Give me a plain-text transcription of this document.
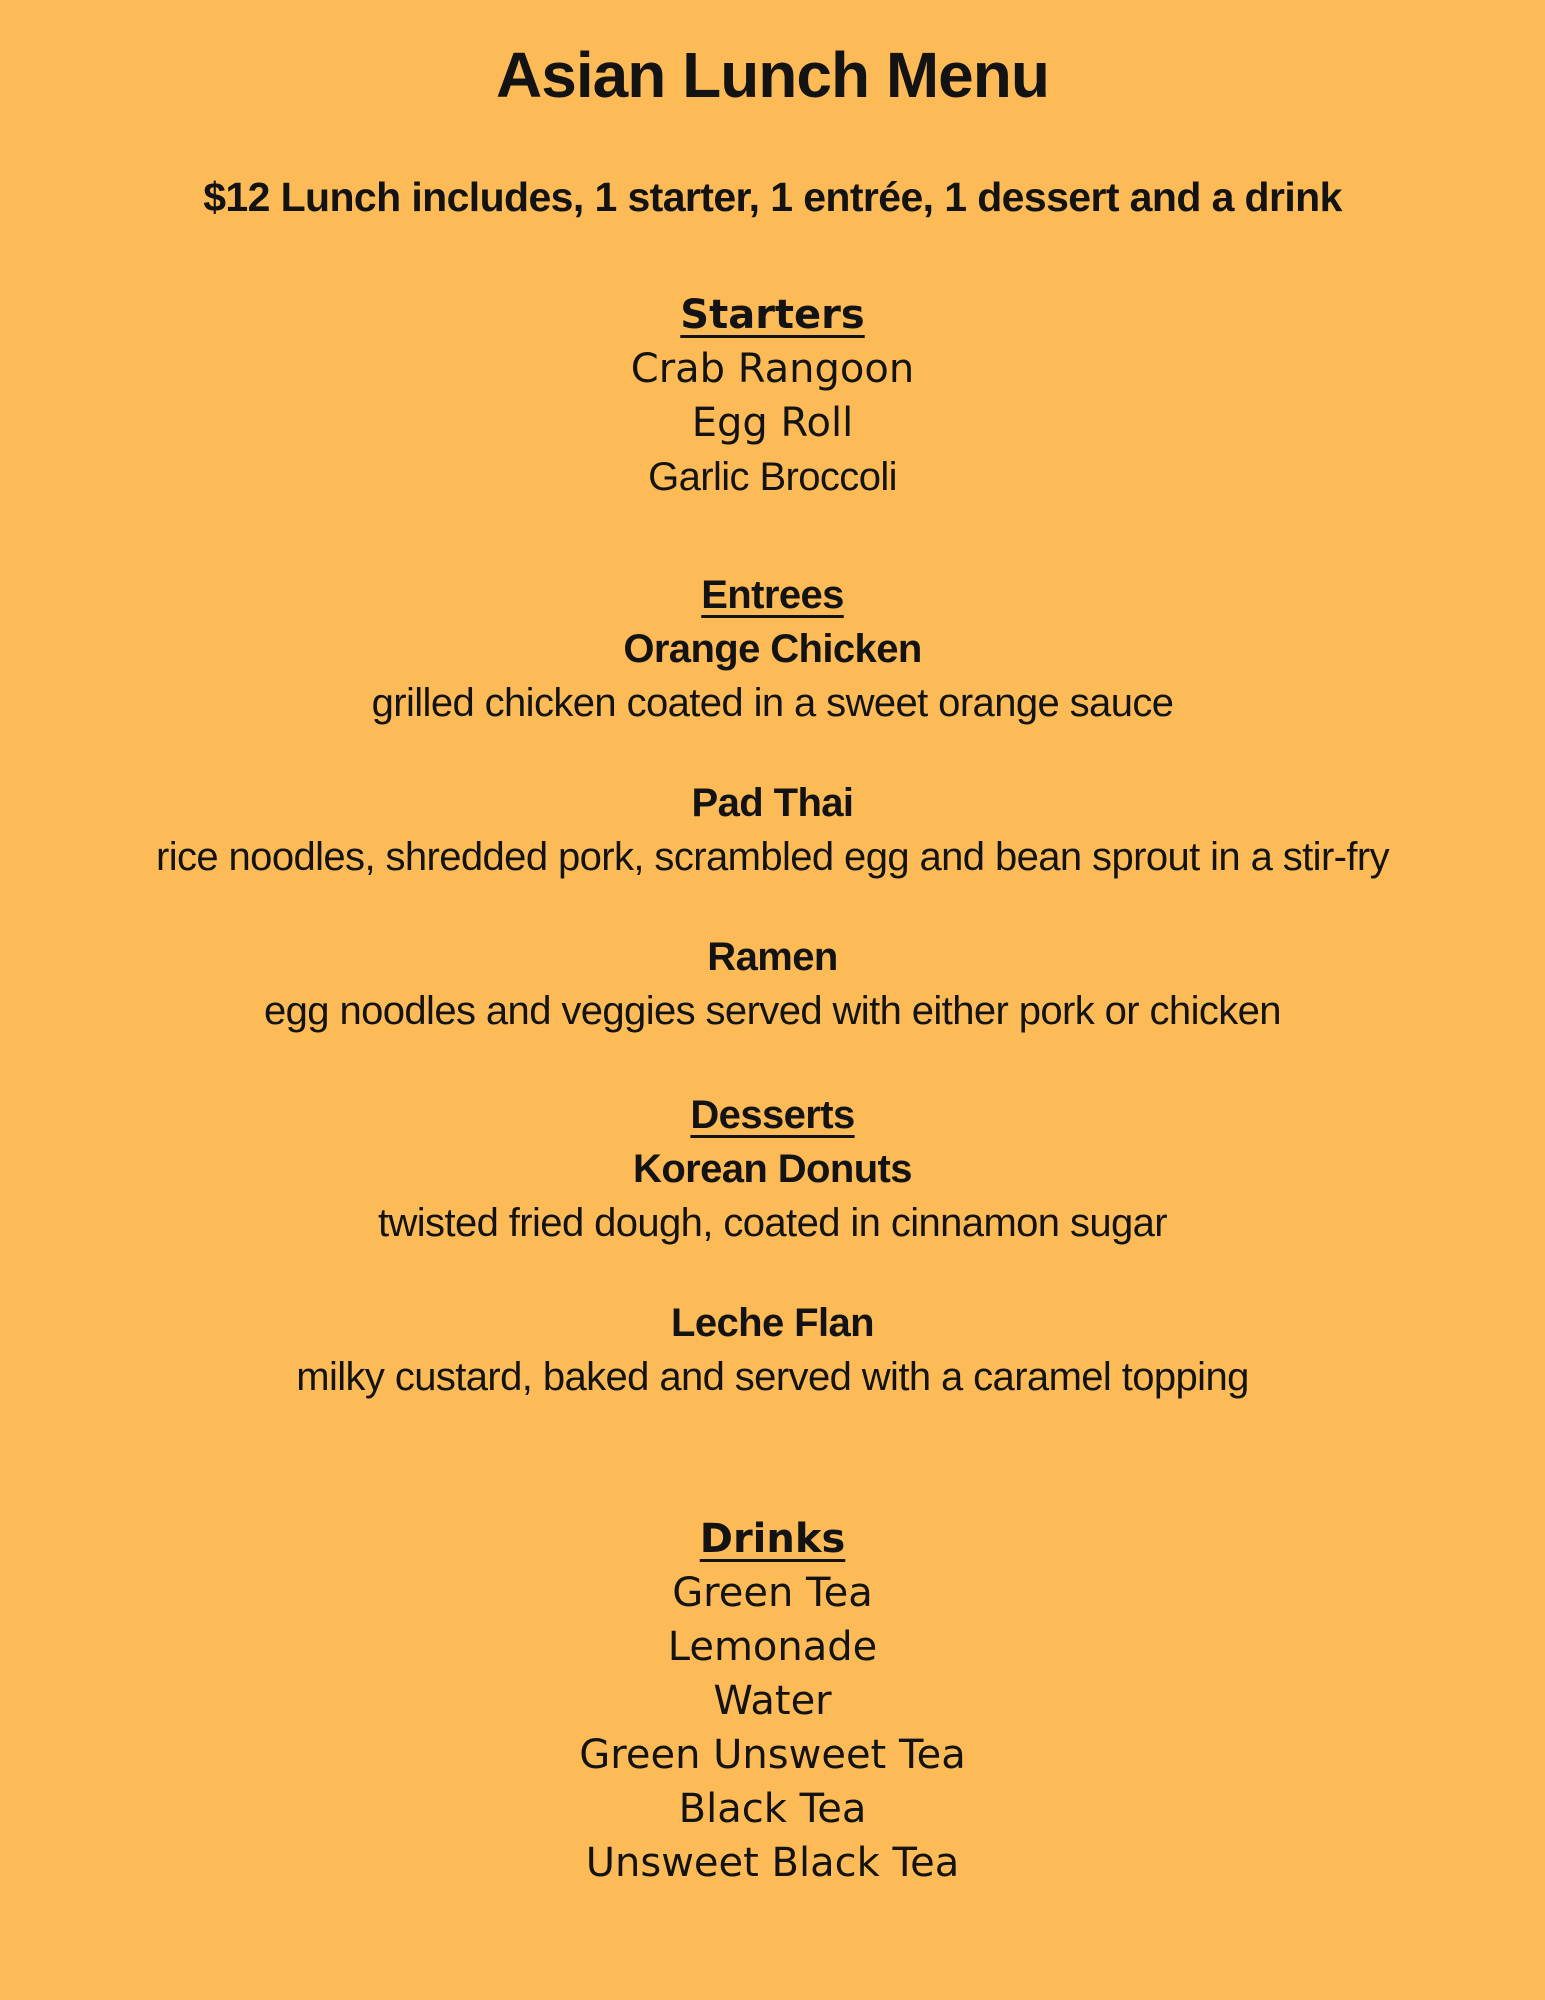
Asian Lunch Menu

$12 Lunch includes, 1 starter, 1 entrée, 1 dessert and a drink

Starters
Crab Rangoon
Egg Roll
Garlic Broccoli
Entrees
Orange Chicken
grilled chicken coated in a sweet orange sauce
Pad Thai
rice noodles, shredded pork, scrambled egg and bean sprout in a stir-fry
Ramen
egg noodles and veggies served with either pork or chicken
Desserts
Korean Donuts
twisted fried dough, coated in cinnamon sugar
Leche Flan
milky custard, baked and served with a caramel topping
Drinks
Green Tea
Lemonade
Water
Green Unsweet Tea
Black Tea
Unsweet Black Tea
